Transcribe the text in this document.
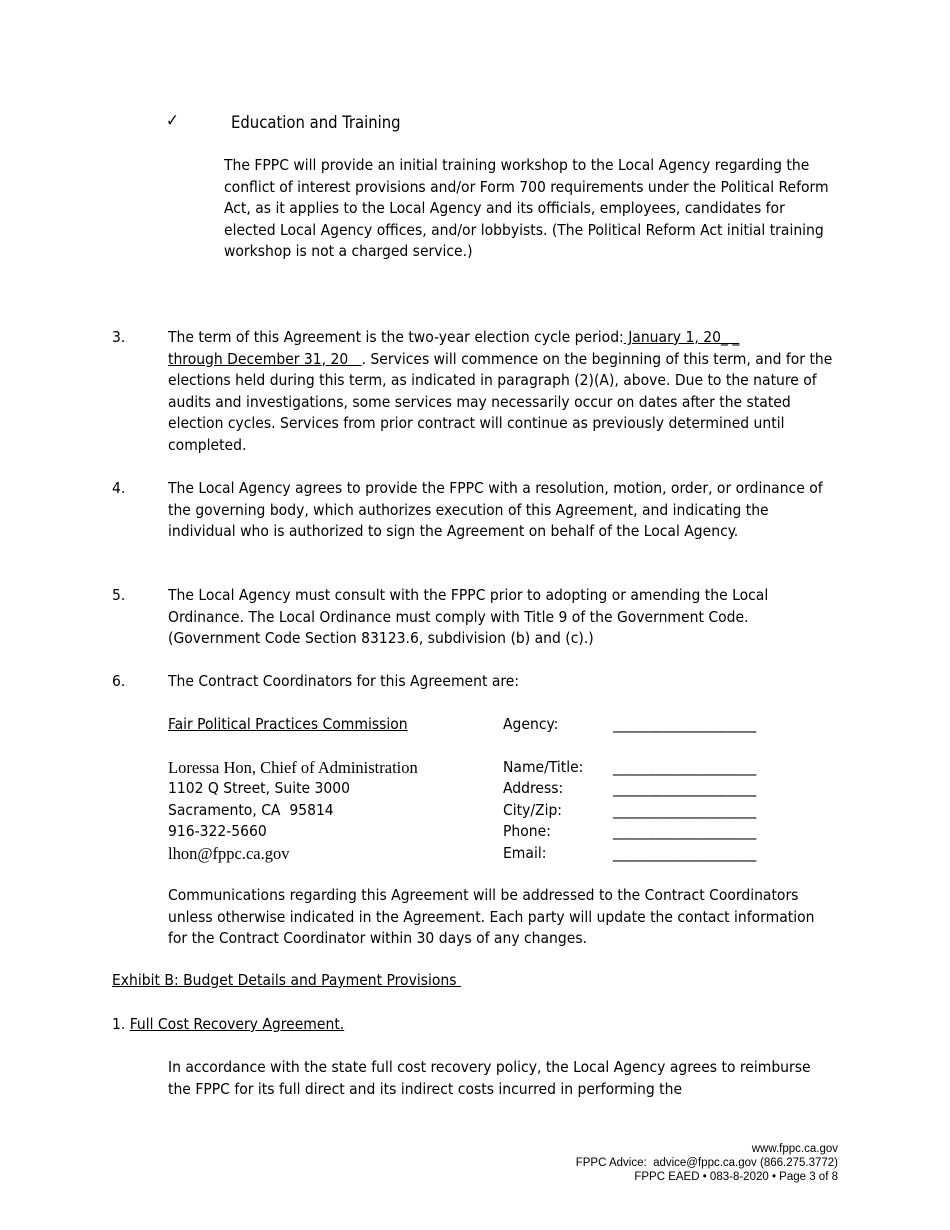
✓	Education and Training
The FPPC will provide an initial training workshop to the Local Agency regarding the conflict of interest provisions and/or Form 700 requirements under the Political Reform Act, as it applies to the Local Agency and its officials, employees, candidates for elected Local Agency offices, and/or lobbyists. (The Political Reform Act initial training workshop is not a charged service.)
3.	The term of this Agreement is the two-year election cycle period: January 1, 20_ _
through December 31, 20   . Services will commence on the beginning of this term, and for the elections held during this term, as indicated in paragraph (2)(A), above. Due to the nature of audits and investigations, some services may necessarily occur on dates after the stated election cycles. Services from prior contract will continue as previously determined until completed.
4.	The Local Agency agrees to provide the FPPC with a resolution, motion, order, or ordinance of the governing body, which authorizes execution of this Agreement, and indicating the individual who is authorized to sign the Agreement on behalf of the Local Agency.
5.	The Local Agency must consult with the FPPC prior to adopting or amending the Local Ordinance. The Local Ordinance must comply with Title 9 of the Government Code. (Government Code Section 83123.6, subdivision (b) and (c).)
6.	The Contract Coordinators for this Agreement are:
Fair Political Practices Commission	Agency:	____________________
Loressa Hon, Chief of Administration	Name/Title: ____________________
1102 Q Street, Suite 3000	Address:	____________________
Sacramento, CA  95814	City/Zip:	____________________
916-322-5660	Phone:	____________________
lhon@fppc.ca.gov	Email:	____________________
Communications regarding this Agreement will be addressed to the Contract Coordinators unless otherwise indicated in the Agreement. Each party will update the contact information for the Contract Coordinator within 30 days of any changes.
Exhibit B: Budget Details and Payment Provisions
1. Full Cost Recovery Agreement.
In accordance with the state full cost recovery policy, the Local Agency agrees to reimburse the FPPC for its full direct and its indirect costs incurred in performing the
www.fppc.ca.gov
FPPC Advice:  advice@fppc.ca.gov (866.275.3772)
FPPC EAED • 083-8-2020 • Page 3 of 8
